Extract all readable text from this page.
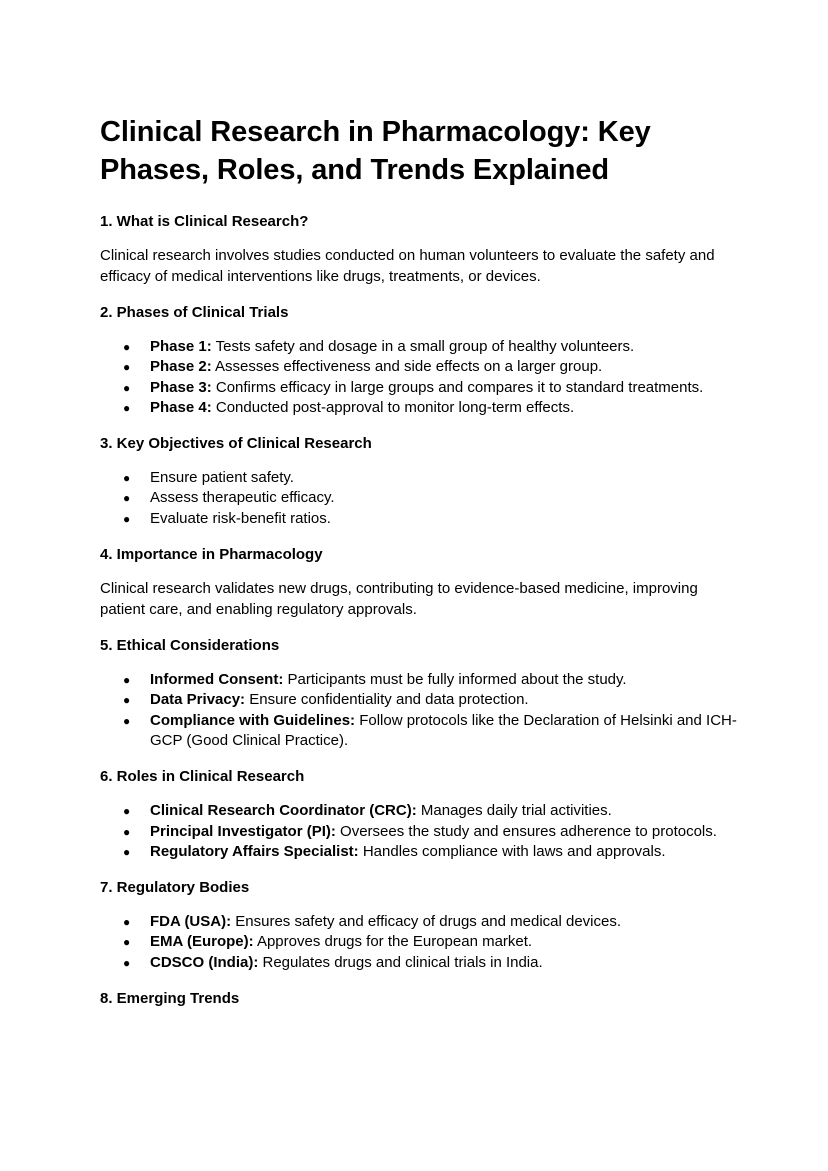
Clinical Research in Pharmacology: Key Phases, Roles, and Trends Explained
1. What is Clinical Research?

Clinical research involves studies conducted on human volunteers to evaluate the safety and efficacy of medical interventions like drugs, treatments, or devices.

2. Phases of Clinical Trials
● Phase 1: Tests safety and dosage in a small group of healthy volunteers.
● Phase 2: Assesses effectiveness and side effects on a larger group.
● Phase 3: Confirms efficacy in large groups and compares it to standard treatments.
● Phase 4: Conducted post-approval to monitor long-term effects.
3. Key Objectives of Clinical Research
● Ensure patient safety.
● Assess therapeutic efficacy.
● Evaluate risk-benefit ratios.
4. Importance in Pharmacology

Clinical research validates new drugs, contributing to evidence-based medicine, improving patient care, and enabling regulatory approvals.

5. Ethical Considerations
● Informed Consent: Participants must be fully informed about the study.
● Data Privacy: Ensure confidentiality and data protection.
● Compliance with Guidelines: Follow protocols like the Declaration of Helsinki and ICH-GCP (Good Clinical Practice).
6. Roles in Clinical Research
● Clinical Research Coordinator (CRC): Manages daily trial activities.
● Principal Investigator (PI): Oversees the study and ensures adherence to protocols.
● Regulatory Affairs Specialist: Handles compliance with laws and approvals.
7. Regulatory Bodies
● FDA (USA): Ensures safety and efficacy of drugs and medical devices.
● EMA (Europe): Approves drugs for the European market.
● CDSCO (India): Regulates drugs and clinical trials in India.
8. Emerging Trends
